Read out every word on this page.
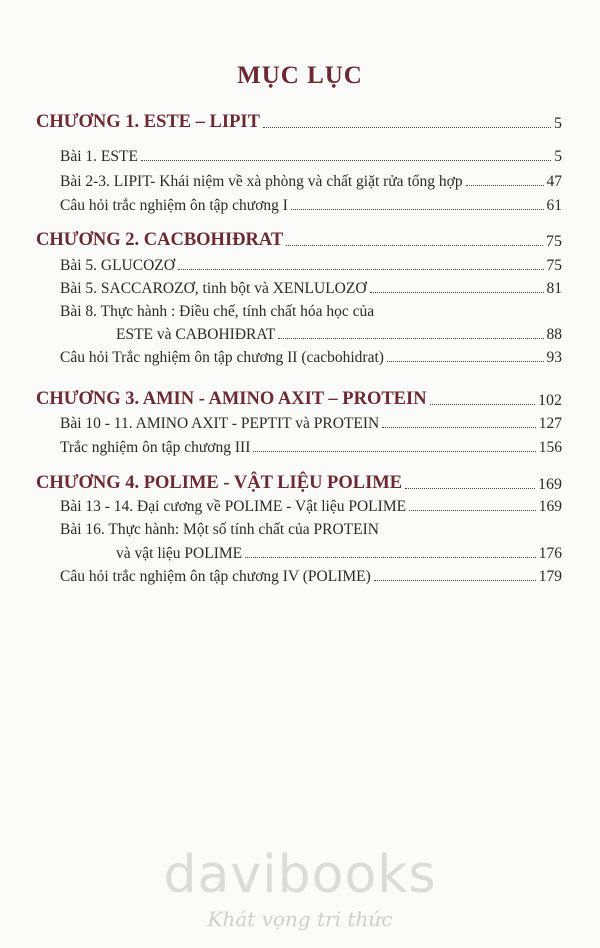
MỤC LỤC
CHƯƠNG 1. ESTE – LIPIT	5
Bài 1. ESTE	5
Bài 2-3. LIPIT- Khái niệm về xà phòng và chất giặt rửa tổng hợp	47
Câu hỏi trắc nghiệm ôn tập chương I	61
CHƯƠNG 2. CACBOHIĐRAT	75
Bài 5. GLUCOZƠ	75
Bài 5. SACCAROZƠ, tinh bột và XENLULOZƠ	81
Bài 8. Thực hành : Điều chế, tính chất hóa học của
ESTE và CABOHIĐRAT	88
Câu hỏi Trắc nghiệm ôn tập chương II (cacbohidrat)	93
CHƯƠNG 3. AMIN - AMINO AXIT – PROTEIN	102
Bài 10 - 11. AMINO AXIT - PEPTIT và PROTEIN	127
Trắc nghiệm ôn tập chương III	156
CHƯƠNG 4. POLIME - VẬT LIỆU POLIME	169
Bài 13 - 14. Đại cương về POLIME - Vật liệu POLIME	169
Bài 16. Thực hành: Một số tính chất của PROTEIN
và vật liệu POLIME	176
Câu hỏi trắc nghiệm ôn tập chương IV (POLIME)	179
davibooks
Khát vọng tri thức
